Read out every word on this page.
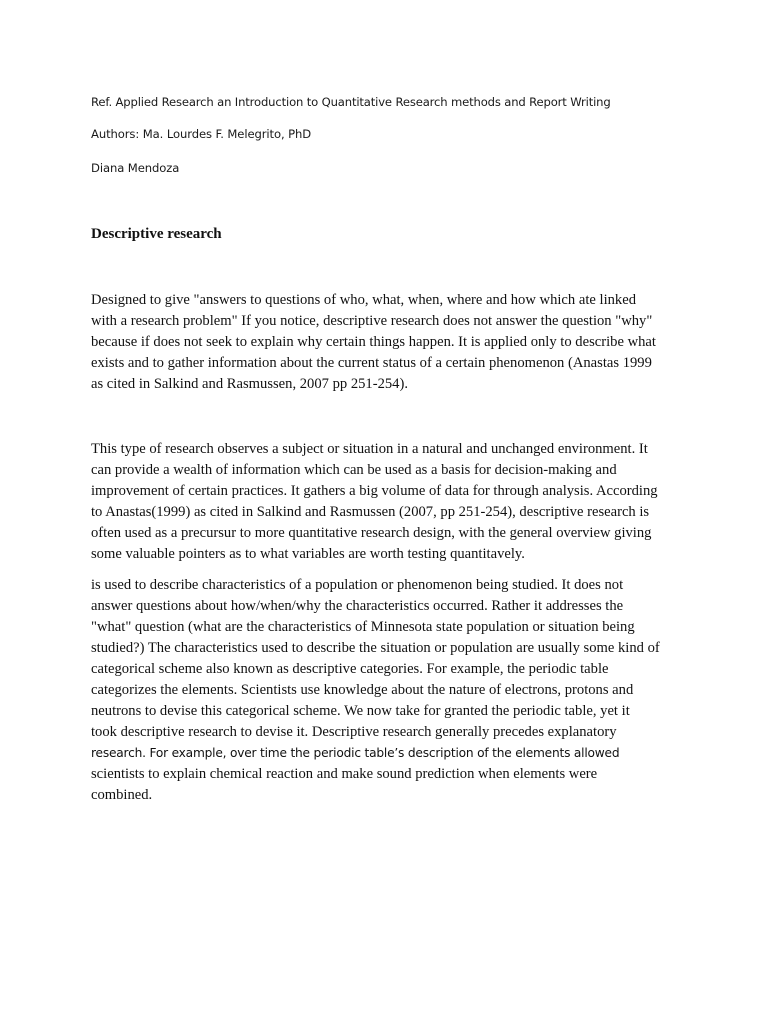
Ref. Applied Research an Introduction to Quantitative Research methods and Report Writing
Authors: Ma. Lourdes F. Melegrito, PhD
Diana Mendoza
Descriptive research

Designed to give "answers to questions of who, what, when, where and how which ate linked
with a research problem" If you notice, descriptive research does not answer the question "why"
because if does not seek to explain why certain things happen. It is applied only to describe what
exists and to gather information about the current status of a certain phenomenon (Anastas 1999
as cited in Salkind and Rasmussen, 2007 pp 251-254).

This type of research observes a subject or situation in a natural and unchanged environment. It
can provide a wealth of information which can be used as a basis for decision-making and
improvement of certain practices. It gathers a big volume of data for through analysis. According
to Anastas(1999) as cited in Salkind and Rasmussen (2007, pp 251-254), descriptive research is
often used as a precursur to more quantitative research design, with the general overview giving
some valuable pointers as to what variables are worth testing quantitavely.

is used to describe characteristics of a population or phenomenon being studied. It does not
answer questions about how/when/why the characteristics occurred. Rather it addresses the
"what" question (what are the characteristics of Minnesota state population or situation being
studied?) The characteristics used to describe the situation or population are usually some kind of
categorical scheme also known as descriptive categories. For example, the periodic table
categorizes the elements. Scientists use knowledge about the nature of electrons, protons and
neutrons to devise this categorical scheme. We now take for granted the periodic table, yet it
took descriptive research to devise it. Descriptive research generally precedes explanatory
research. For example, over time the periodic table’s description of the elements allowed
scientists to explain chemical reaction and make sound prediction when elements were
combined.
